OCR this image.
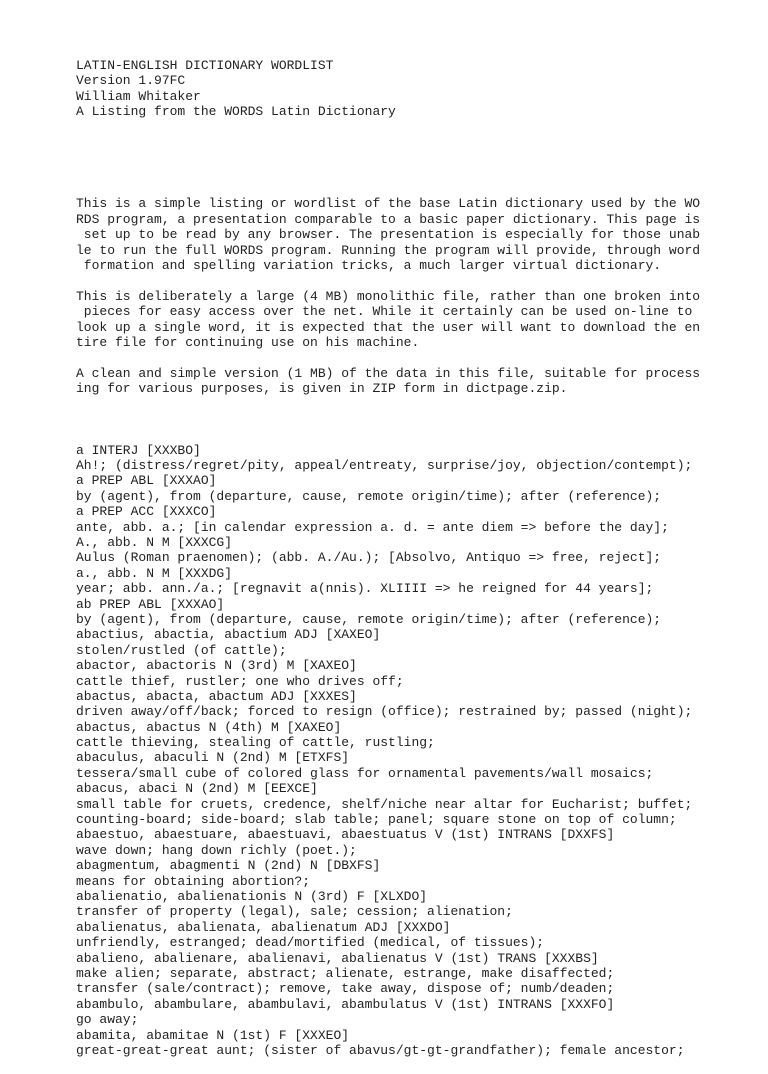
LATIN-ENGLISH DICTIONARY WORDLIST
Version 1.97FC
William Whitaker
A Listing from the WORDS Latin Dictionary

This is a simple listing or wordlist of the base Latin dictionary used by the WO
RDS program, a presentation comparable to a basic paper dictionary. This page is
set up to be read by any browser. The presentation is especially for those unab
le to run the full WORDS program. Running the program will provide, through word
formation and spelling variation tricks, a much larger virtual dictionary.
This is deliberately a large (4 MB) monolithic file, rather than one broken into
pieces for easy access over the net. While it certainly can be used on-line to
look up a single word, it is expected that the user will want to download the en
tire file for continuing use on his machine.
A clean and simple version (1 MB) of the data in this file, suitable for process
ing for various purposes, is given in ZIP form in dictpage.zip.

a INTERJ [XXXBO]
Ah!; (distress/regret/pity, appeal/entreaty, surprise/joy, objection/contempt);
a PREP ABL [XXXAO]
by (agent), from (departure, cause, remote origin/time); after (reference);
a PREP ACC [XXXCO]
ante, abb. a.; [in calendar expression a. d. = ante diem => before the day];
A., abb. N M [XXXCG]
Aulus (Roman praenomen); (abb. A./Au.); [Absolvo, Antiquo => free, reject];
a., abb. N M [XXXDG]
year; abb. ann./a.; [regnavit a(nnis). XLIIII => he reigned for 44 years];
ab PREP ABL [XXXAO]
by (agent), from (departure, cause, remote origin/time); after (reference);
abactius, abactia, abactium ADJ [XAXEO]
stolen/rustled (of cattle);
abactor, abactoris N (3rd) M [XAXEO]
cattle thief, rustler; one who drives off;
abactus, abacta, abactum ADJ [XXXES]
driven away/off/back; forced to resign (office); restrained by; passed (night);
abactus, abactus N (4th) M [XAXEO]
cattle thieving, stealing of cattle, rustling;
abaculus, abaculi N (2nd) M [ETXFS]
tessera/small cube of colored glass for ornamental pavements/wall mosaics;
abacus, abaci N (2nd) M [EEXCE]
small table for cruets, credence, shelf/niche near altar for Eucharist; buffet;
counting-board; side-board; slab table; panel; square stone on top of column;
abaestuo, abaestuare, abaestuavi, abaestuatus V (1st) INTRANS [DXXFS]
wave down; hang down richly (poet.);
abagmentum, abagmenti N (2nd) N [DBXFS]
means for obtaining abortion?;
abalienatio, abalienationis N (3rd) F [XLXDO]
transfer of property (legal), sale; cession; alienation;
abalienatus, abalienata, abalienatum ADJ [XXXDO]
unfriendly, estranged; dead/mortified (medical, of tissues);
abalieno, abalienare, abalienavi, abalienatus V (1st) TRANS [XXXBS]
make alien; separate, abstract; alienate, estrange, make disaffected;
transfer (sale/contract); remove, take away, dispose of; numb/deaden;
abambulo, abambulare, abambulavi, abambulatus V (1st) INTRANS [XXXFO]
go away;
abamita, abamitae N (1st) F [XXXEO]
great-great-great aunt; (sister of abavus/gt-gt-grandfather); female ancestor;
